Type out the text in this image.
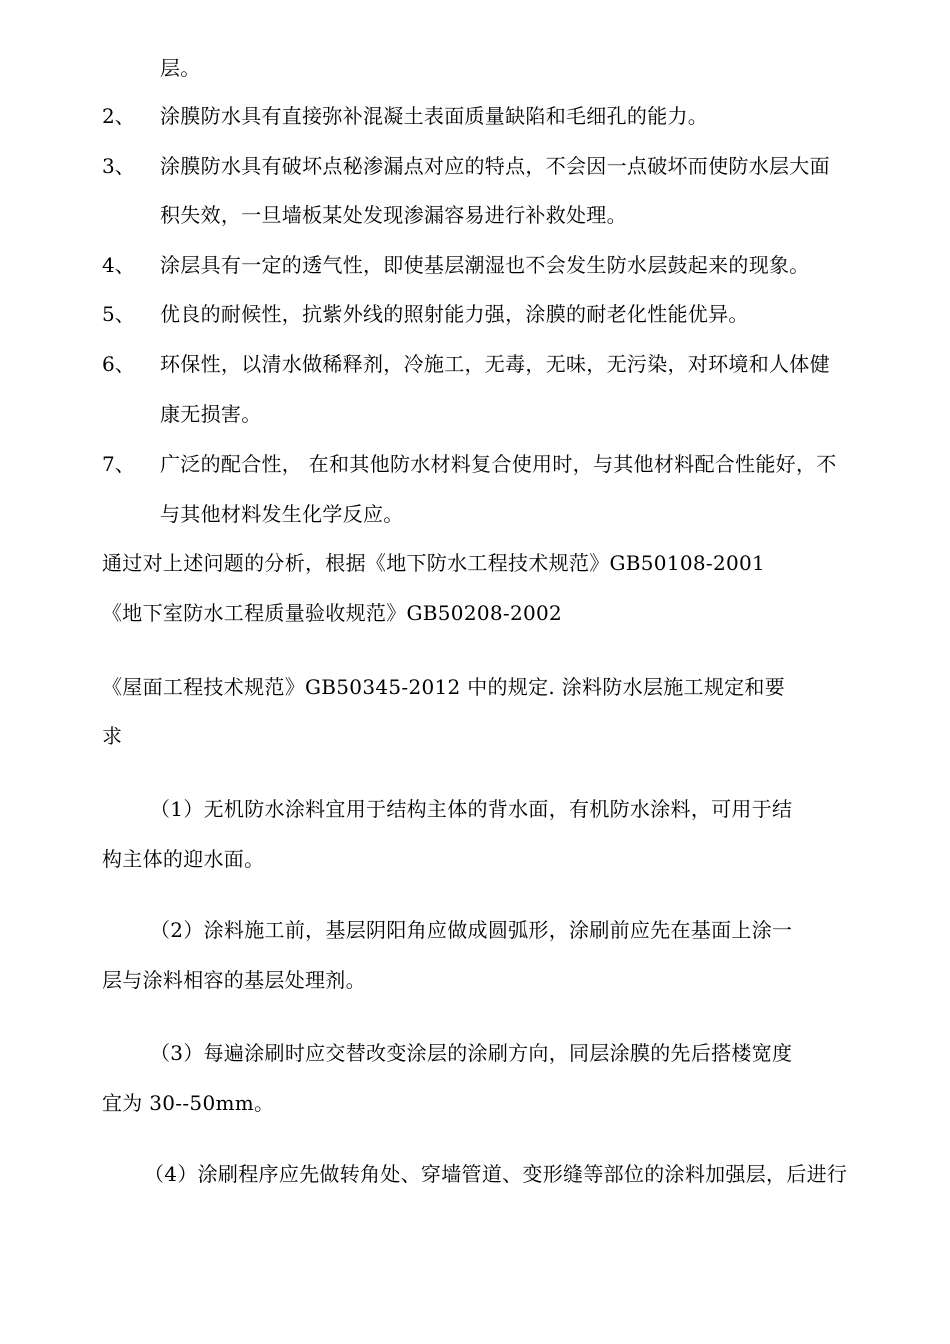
层。
2、 涂膜防水具有直接弥补混凝土表面质量缺陷和毛细孔的能力。
3、 涂膜防水具有破坏点秘渗漏点对应的特点，不会因一点破坏而使防水层大面
积失效，一旦墙板某处发现渗漏容易进行补救处理。
4、 涂层具有一定的透气性，即使基层潮湿也不会发生防水层鼓起来的现象。
5、 优良的耐候性，抗紫外线的照射能力强，涂膜的耐老化性能优异。
6、 环保性，以清水做稀释剂，冷施工，无毒，无味，无污染，对环境和人体健
康无损害。
7、 广泛的配合性， 在和其他防水材料复合使用时，与其他材料配合性能好，不
与其他材料发生化学反应。
通过对上述问题的分析，根据《地下防水工程技术规范》GB50108-2001
《地下室防水工程质量验收规范》GB50208-2002
《屋面工程技术规范》GB50345-2012 中的规定. 涂料防水层施工规定和要
求
（1）无机防水涂料宜用于结构主体的背水面，有机防水涂料，可用于结
构主体的迎水面。
（2）涂料施工前，基层阴阳角应做成圆弧形，涂刷前应先在基面上涂一
层与涂料相容的基层处理剂。
（3）每遍涂刷时应交替改变涂层的涂刷方向，同层涂膜的先后搭楼宽度
宜为 30--50mm。
（4）涂刷程序应先做转角处、穿墙管道、变形缝等部位的涂料加强层，后进行
